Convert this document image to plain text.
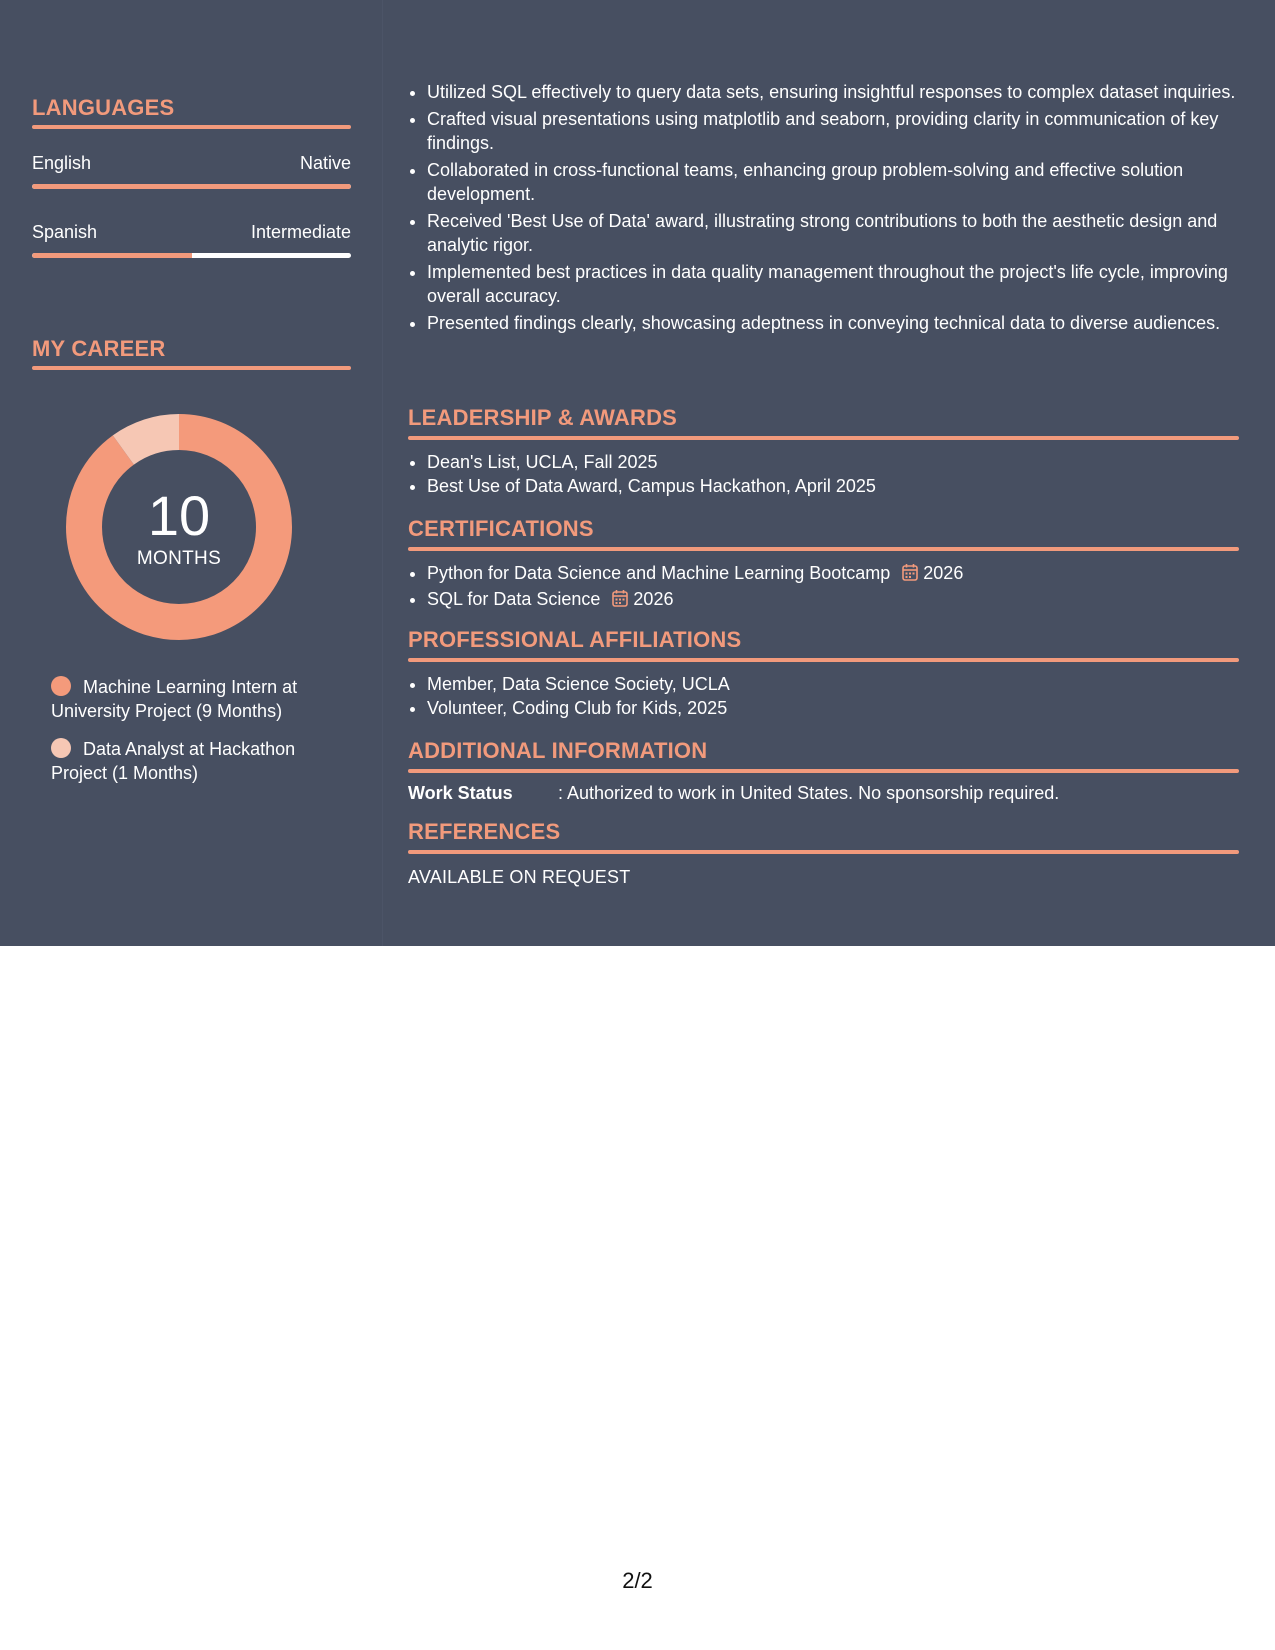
LANGUAGES
English	Native
Spanish	Intermediate
MY CAREER
10
MONTHS
Machine Learning Intern at University Project (9 Months)
Data Analyst at Hackathon Project (1 Months)
• Utilized SQL effectively to query data sets, ensuring insightful responses to complex dataset inquiries.
• Crafted visual presentations using matplotlib and seaborn, providing clarity in communication of key findings.
• Collaborated in cross-functional teams, enhancing group problem-solving and effective solution development.
• Received 'Best Use of Data' award, illustrating strong contributions to both the aesthetic design and analytic rigor.
• Implemented best practices in data quality management throughout the project's life cycle, improving overall accuracy.
• Presented findings clearly, showcasing adeptness in conveying technical data to diverse audiences.
LEADERSHIP & AWARDS
• Dean's List, UCLA, Fall 2025
• Best Use of Data Award, Campus Hackathon, April 2025
CERTIFICATIONS
• Python for Data Science and Machine Learning Bootcamp 2026
• SQL for Data Science 2026
PROFESSIONAL AFFILIATIONS
• Member, Data Science Society, UCLA
• Volunteer, Coding Club for Kids, 2025
ADDITIONAL INFORMATION
Work Status	: Authorized to work in United States. No sponsorship required.
REFERENCES
AVAILABLE ON REQUEST
2/2
